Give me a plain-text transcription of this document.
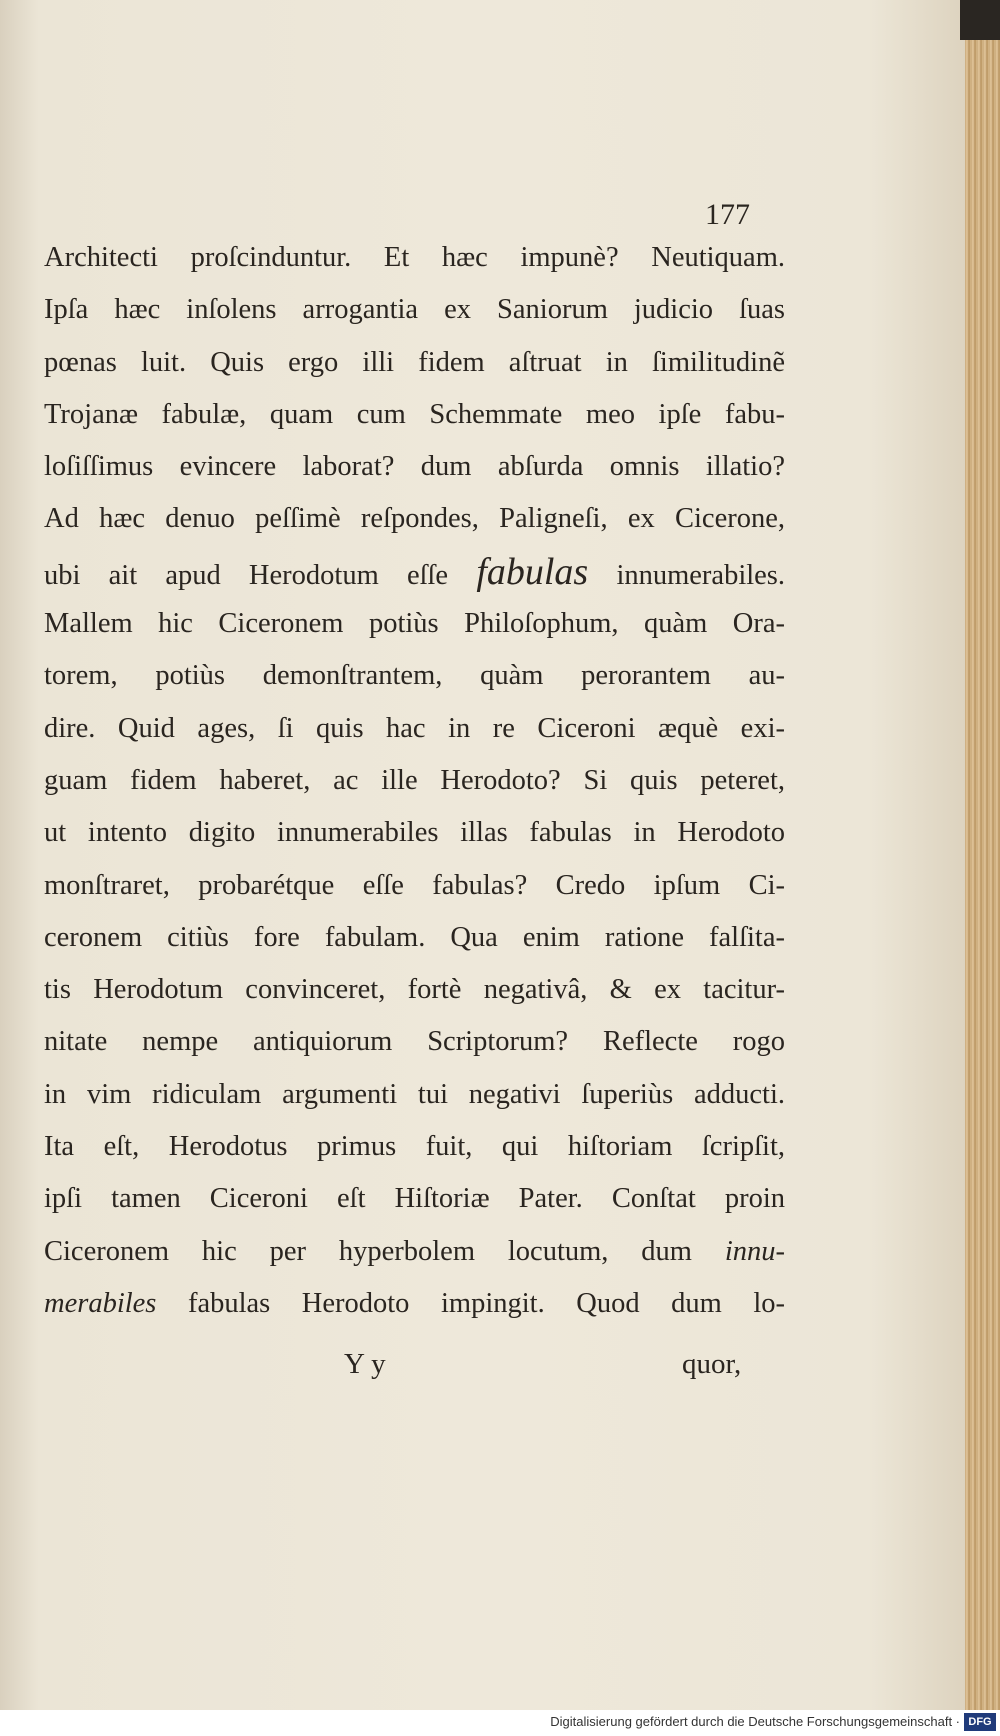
177
Architecti proſcinduntur. Et hæc impunè? Neutiquam.
Ipſa hæc inſolens arrogantia ex Saniorum judicio ſuas
pœnas luit. Quis ergo illi fidem aſtruat in ſimilitudinẽ
Trojanæ fabulæ, quam cum Schemmate meo ipſe fabu-
loſiſſimus evincere laborat? dum abſurda omnis illatio?
Ad hæc denuo peſſimè reſpondes, Paligneſi, ex Cicerone,
ubi ait apud Herodotum eſſe fabulas innumerabiles.
Mallem hic Ciceronem potiùs Philoſophum, quàm Ora-
torem, potiùs demonſtrantem, quàm perorantem au-
dire. Quid ages, ſi quis hac in re Ciceroni æquè exi-
guam fidem haberet, ac ille Herodoto? Si quis peteret,
ut intento digito innumerabiles illas fabulas in Herodoto
monſtraret, probarétque eſſe fabulas? Credo ipſum Ci-
ceronem citiùs fore fabulam. Qua enim ratione falſita-
tis Herodotum convinceret, fortè negativâ, & ex tacitur-
nitate nempe antiquiorum Scriptorum? Reflecte rogo
in vim ridiculam argumenti tui negativi ſuperiùs adducti.
Ita eſt, Herodotus primus fuit, qui hiſtoriam ſcripſit,
ipſi tamen Ciceroni eſt Hiſtoriæ Pater. Conſtat proin
Ciceronem hic per hyperbolem locutum, dum innu-
merabiles fabulas Herodoto impingit. Quod dum lo-
Y y	quor,
Digitalisierung gefördert durch die Deutsche Forschungsgemeinschaft · DFG
